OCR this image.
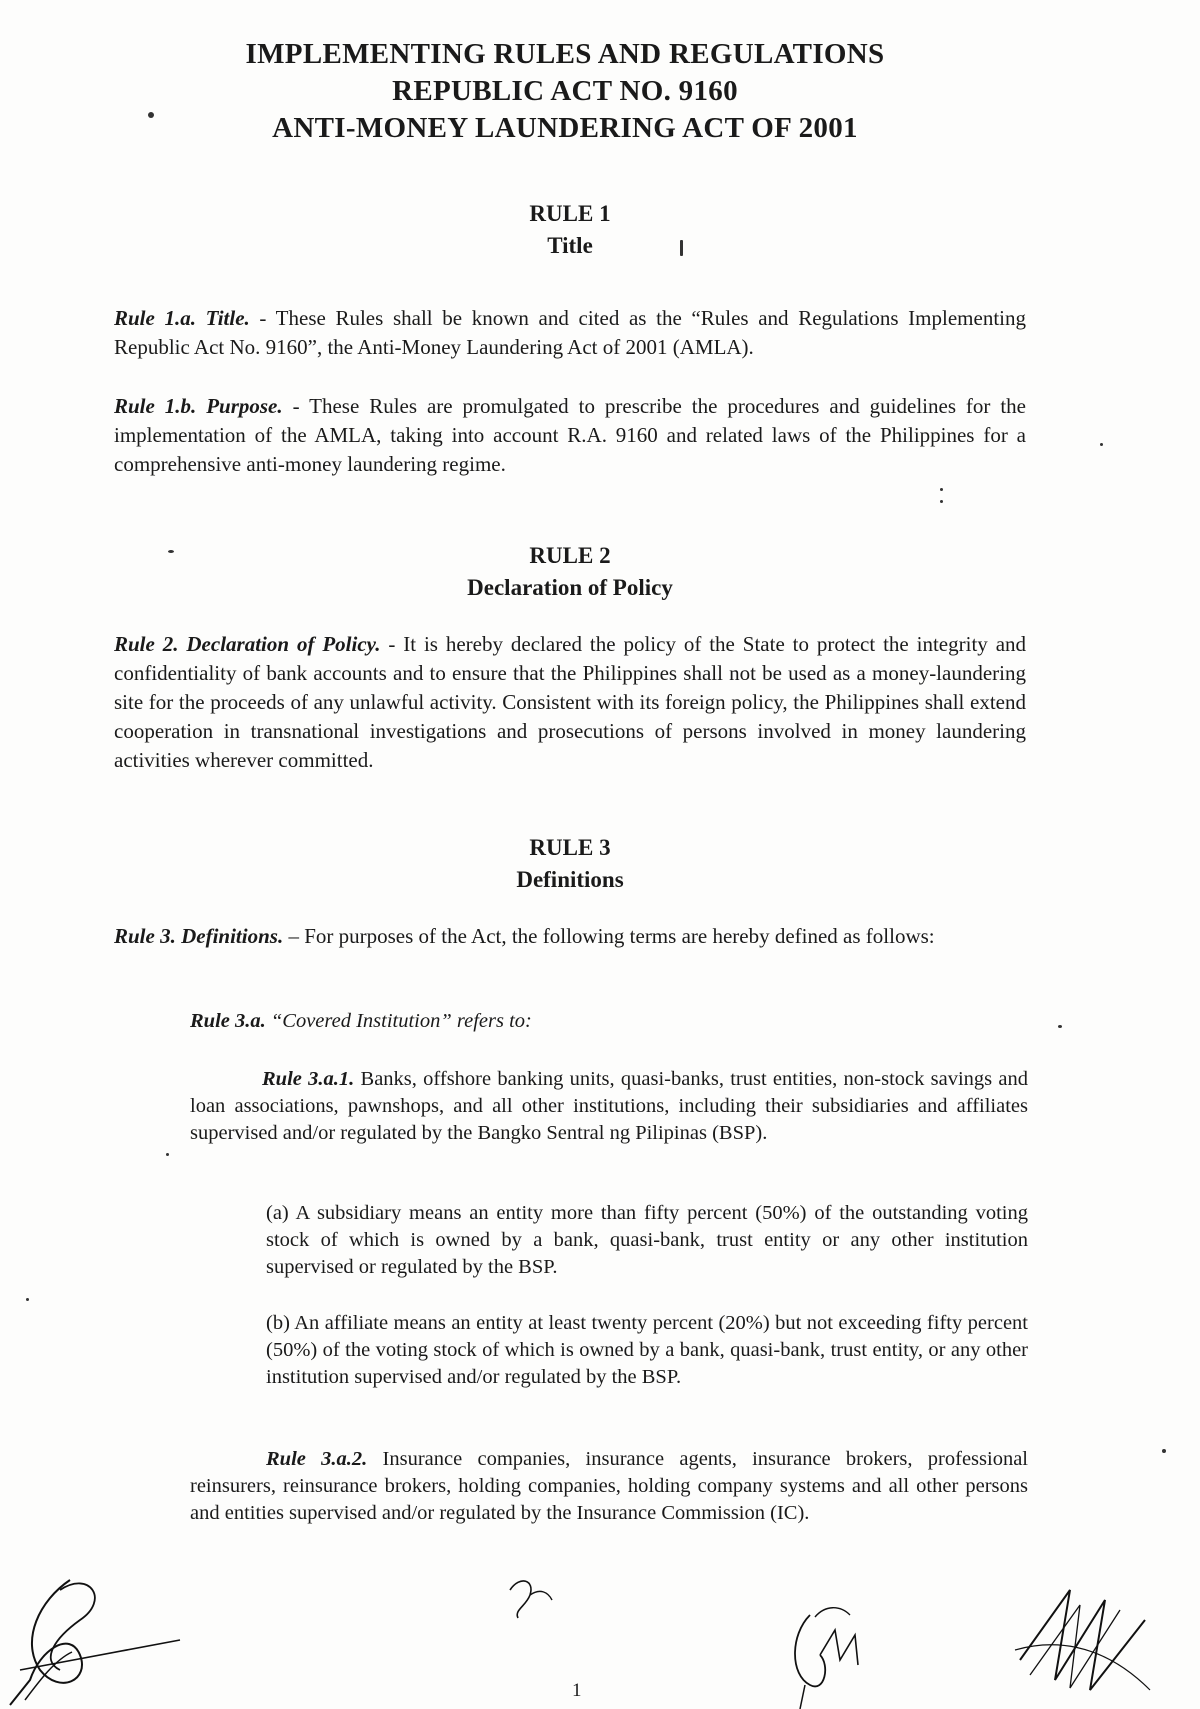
IMPLEMENTING RULES AND REGULATIONS
REPUBLIC ACT NO. 9160
ANTI-MONEY LAUNDERING ACT OF 2001
RULE 1
Title
Rule 1.a. Title. - These Rules shall be known and cited as the “Rules and Regulations Implementing Republic Act No. 9160”, the Anti-Money Laundering Act of 2001 (AMLA).
Rule 1.b. Purpose. - These Rules are promulgated to prescribe the procedures and guidelines for the implementation of the AMLA, taking into account R.A. 9160 and related laws of the Philippines for a comprehensive anti-money laundering regime.
RULE 2
Declaration of Policy
Rule 2. Declaration of Policy. - It is hereby declared the policy of the State to protect the integrity and confidentiality of bank accounts and to ensure that the Philippines shall not be used as a money-laundering site for the proceeds of any unlawful activity. Consistent with its foreign policy, the Philippines shall extend cooperation in transnational investigations and prosecutions of persons involved in money laundering activities wherever committed.
RULE 3
Definitions
Rule 3. Definitions. – For purposes of the Act, the following terms are hereby defined as follows:
Rule 3.a. “Covered Institution” refers to:
Rule 3.a.1. Banks, offshore banking units, quasi-banks, trust entities, non-stock savings and loan associations, pawnshops, and all other institutions, including their subsidiaries and affiliates supervised and/or regulated by the Bangko Sentral ng Pilipinas (BSP).
(a) A subsidiary means an entity more than fifty percent (50%) of the outstanding voting stock of which is owned by a bank, quasi-bank, trust entity or any other institution supervised or regulated by the BSP.
(b) An affiliate means an entity at least twenty percent (20%) but not exceeding fifty percent (50%) of the voting stock of which is owned by a bank, quasi-bank, trust entity, or any other institution supervised and/or regulated by the BSP.
Rule 3.a.2. Insurance companies, insurance agents, insurance brokers, professional reinsurers, reinsurance brokers, holding companies, holding company systems and all other persons and entities supervised and/or regulated by the Insurance Commission (IC).
1
